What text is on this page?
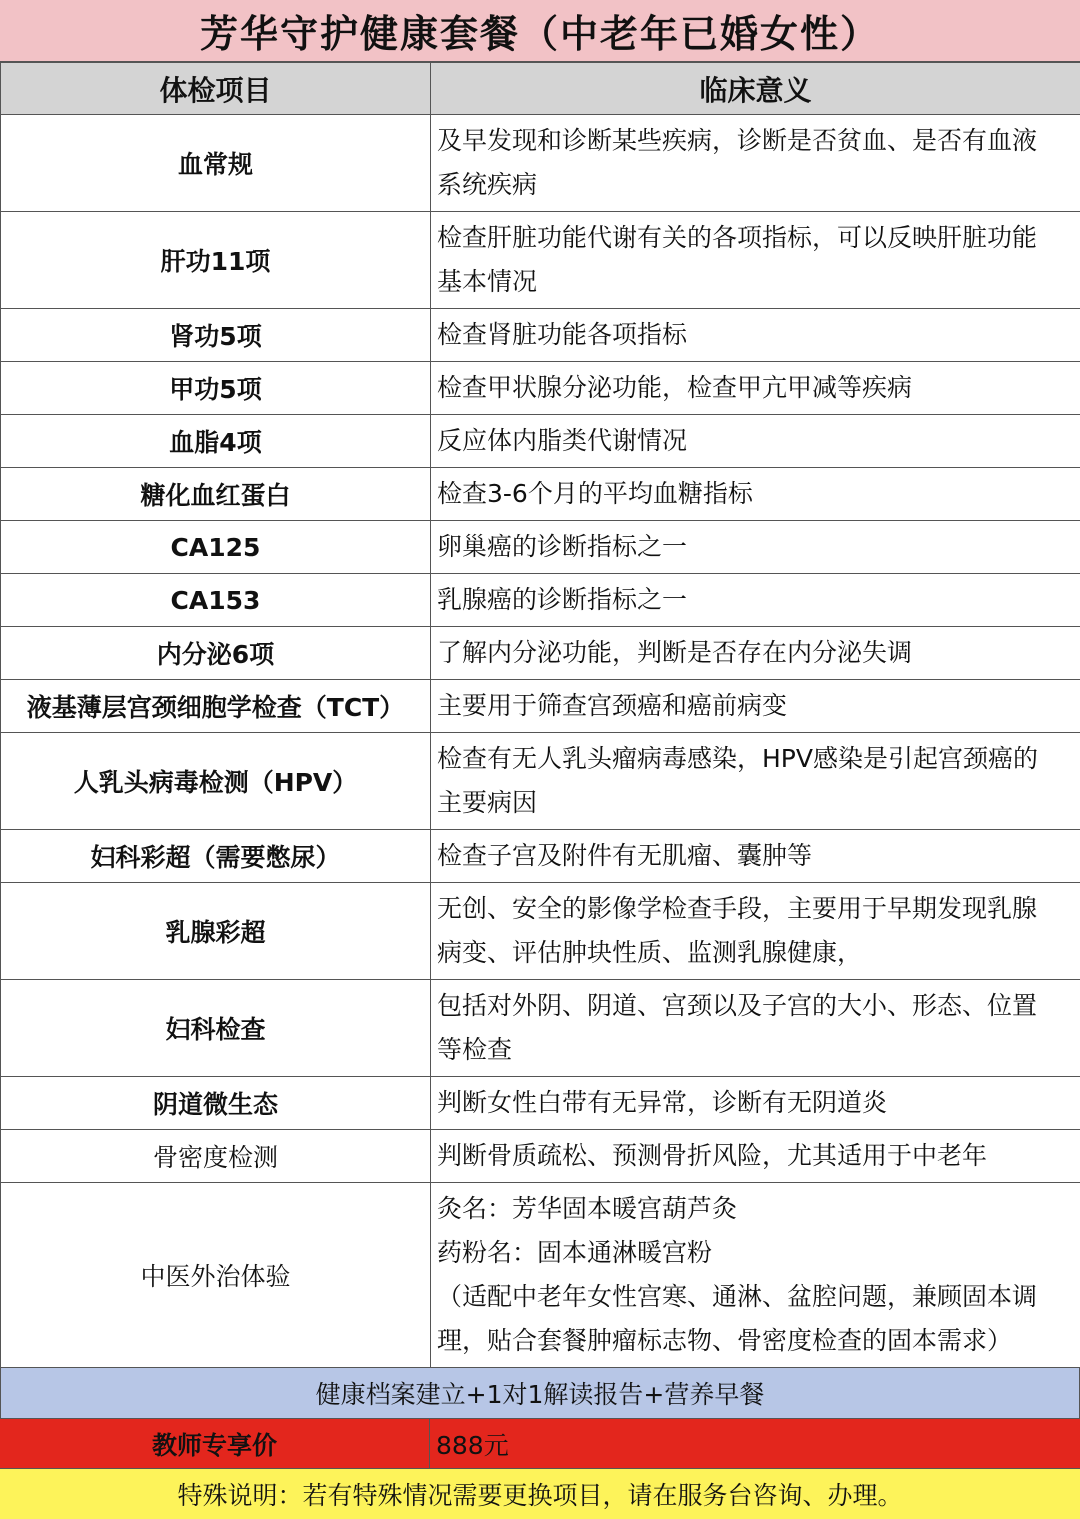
芳华守护健康套餐（中老年已婚女性）
体检项目	临床意义
血常规	及早发现和诊断某些疾病，诊断是否贫血、是否有血液
系统疾病

肝功11项	检查肝脏功能代谢有关的各项指标，可以反映肝脏功能
基本情况

肾功5项	检查肾脏功能各项指标

甲功5项	检查甲状腺分泌功能，检查甲亢甲减等疾病

血脂4项	反应体内脂类代谢情况

糖化血红蛋白	检查3-6个月的平均血糖指标

CA125	卵巢癌的诊断指标之一

CA153	乳腺癌的诊断指标之一

内分泌6项	了解内分泌功能，判断是否存在内分泌失调

液基薄层宫颈细胞学检查（TCT）	主要用于筛查宫颈癌和癌前病变

人乳头病毒检测（HPV）	检查有无人乳头瘤病毒感染，HPV感染是引起宫颈癌的
主要病因

妇科彩超（需要憋尿）	检查子宫及附件有无肌瘤、囊肿等

乳腺彩超	无创、安全的影像学检查手段，主要用于早期发现乳腺
病变、评估肿块性质、监测乳腺健康，

妇科检查	包括对外阴、阴道、宫颈以及子宫的大小、形态、位置
等检查

阴道微生态	判断女性白带有无异常，诊断有无阴道炎

骨密度检测	判断骨质疏松、预测骨折风险，尤其适用于中老年

中医外治体验	灸名：芳华固本暖宫葫芦灸
药粉名：固本通淋暖宫粉
（适配中老年女性宫寒、通淋、盆腔问题，兼顾固本调
理，贴合套餐肿瘤标志物、骨密度检查的固本需求）
健康档案建立+1对1解读报告+营养早餐
教师专享价	888元
特殊说明：若有特殊情况需要更换项目，请在服务台咨询、办理。
